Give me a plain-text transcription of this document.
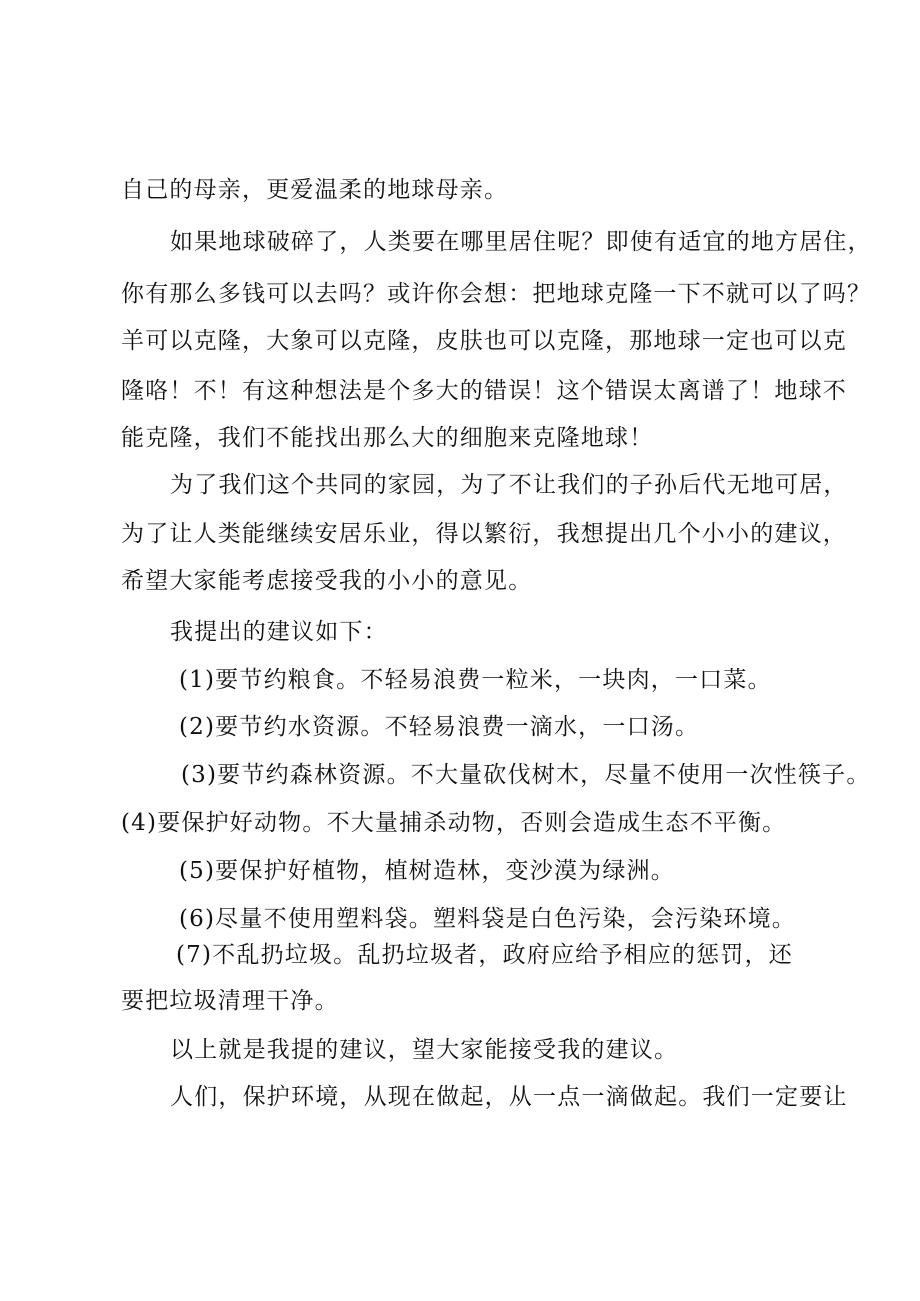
自己的母亲，更爱温柔的地球母亲。
如果地球破碎了，人类要在哪里居住呢？即使有适宜的地方居住，
你有那么多钱可以去吗？或许你会想：把地球克隆一下不就可以了吗？
羊可以克隆，大象可以克隆，皮肤也可以克隆，那地球一定也可以克
隆咯！不！有这种想法是个多大的错误！这个错误太离谱了！地球不
能克隆，我们不能找出那么大的细胞来克隆地球！
为了我们这个共同的家园，为了不让我们的子孙后代无地可居，
为了让人类能继续安居乐业，得以繁衍，我想提出几个小小的建议，
希望大家能考虑接受我的小小的意见。
我提出的建议如下：
(1)要节约粮食。不轻易浪费一粒米，一块肉，一口菜。
(2)要节约水资源。不轻易浪费一滴水，一口汤。
(3)要节约森林资源。不大量砍伐树木，尽量不使用一次性筷子。
(4)要保护好动物。不大量捕杀动物，否则会造成生态不平衡。
(5)要保护好植物，植树造林，变沙漠为绿洲。
(6)尽量不使用塑料袋。塑料袋是白色污染，会污染环境。
(7)不乱扔垃圾。乱扔垃圾者，政府应给予相应的惩罚，还
要把垃圾清理干净。
以上就是我提的建议，望大家能接受我的建议。
人们，保护环境，从现在做起，从一点一滴做起。我们一定要让
